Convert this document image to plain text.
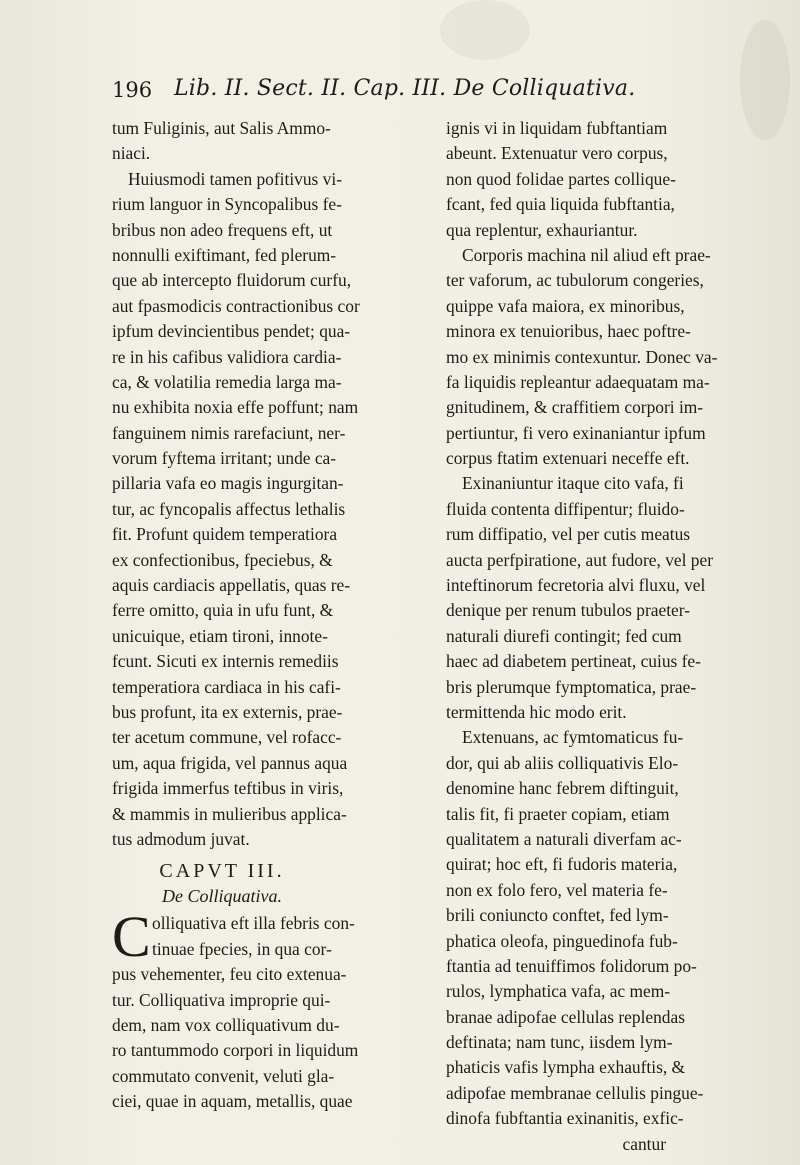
196 Lib. II. Sect. II. Cap. III. De Colliquativa.
tum Fuliginis, aut Salis Ammo-
niaci.
Huiusmodi tamen pofitivus vi-
rium languor in Syncopalibus fe-
bribus non adeo frequens eft, ut
nonnulli exiftimant, fed plerum-
que ab intercepto fluidorum curfu,
aut fpasmodicis contractionibus cor
ipfum devincientibus pendet; qua-
re in his cafibus validiora cardia-
ca, & volatilia remedia larga ma-
nu exhibita noxia effe poffunt; nam
fanguinem nimis rarefaciunt, ner-
vorum fyftema irritant; unde ca-
pillaria vafa eo magis ingurgitan-
tur, ac fyncopalis affectus lethalis
fit. Profunt quidem temperatiora
ex confectionibus, fpeciebus, &
aquis cardiacis appellatis, quas re-
ferre omitto, quia in ufu funt, &
unicuique, etiam tironi, innote-
fcunt. Sicuti ex internis remediis
temperatiora cardiaca in his cafi-
bus profunt, ita ex externis, prae-
ter acetum commune, vel rofacc-
um, aqua frigida, vel pannus aqua
frigida immerfus teftibus in viris,
& mammis in mulieribus applica-
tus admodum juvat.
CAPVT III.
De Colliquativa.
C olliquativa eft illa febris con-
tinuae fpecies, in qua cor-
pus vehementer, feu cito extenua-
tur. Colliquativa improprie qui-
dem, nam vox colliquativum du-
ro tantummodo corpori in liquidum
commutato convenit, veluti gla-
ciei, quae in aquam, metallis, quae
ignis vi in liquidam fubftantiam
abeunt. Extenuatur vero corpus,
non quod folidae partes collique-
fcant, fed quia liquida fubftantia,
qua replentur, exhauriantur.
Corporis machina nil aliud eft prae-
ter vaforum, ac tubulorum congeries,
quippe vafa maiora, ex minoribus,
minora ex tenuioribus, haec poftre-
mo ex minimis contexuntur. Donec va-
fa liquidis repleantur adaequatam ma-
gnitudinem, & craffitiem corpori im-
pertiuntur, fi vero exinaniantur ipfum
corpus ftatim extenuari neceffe eft.
Exinaniuntur itaque cito vafa, fi
fluida contenta diffipentur; fluido-
rum diffipatio, vel per cutis meatus
aucta perfpiratione, aut fudore, vel per
inteftinorum fecretoria alvi fluxu, vel
denique per renum tubulos praeter-
naturali diurefi contingit; fed cum
haec ad diabetem pertineat, cuius fe-
bris plerumque fymptomatica, prae-
termittenda hic modo erit.
Extenuans, ac fymtomaticus fu-
dor, qui ab aliis colliquativis Elo-
denomine hanc febrem diftinguit,
talis fit, fi praeter copiam, etiam
qualitatem a naturali diverfam ac-
quirat; hoc eft, fi fudoris materia,
non ex folo fero, vel materia fe-
brili coniuncto conftet, fed lym-
phatica oleofa, pinguedinofa fub-
ftantia ad tenuiffimos folidorum po-
rulos, lymphatica vafa, ac mem-
branae adipofae cellulas replendas
deftinata; nam tunc, iisdem lym-
phaticis vafis lympha exhauftis, &
adipofae membranae cellulis pingue-
dinofa fubftantia exinanitis, exfic-
cantur
